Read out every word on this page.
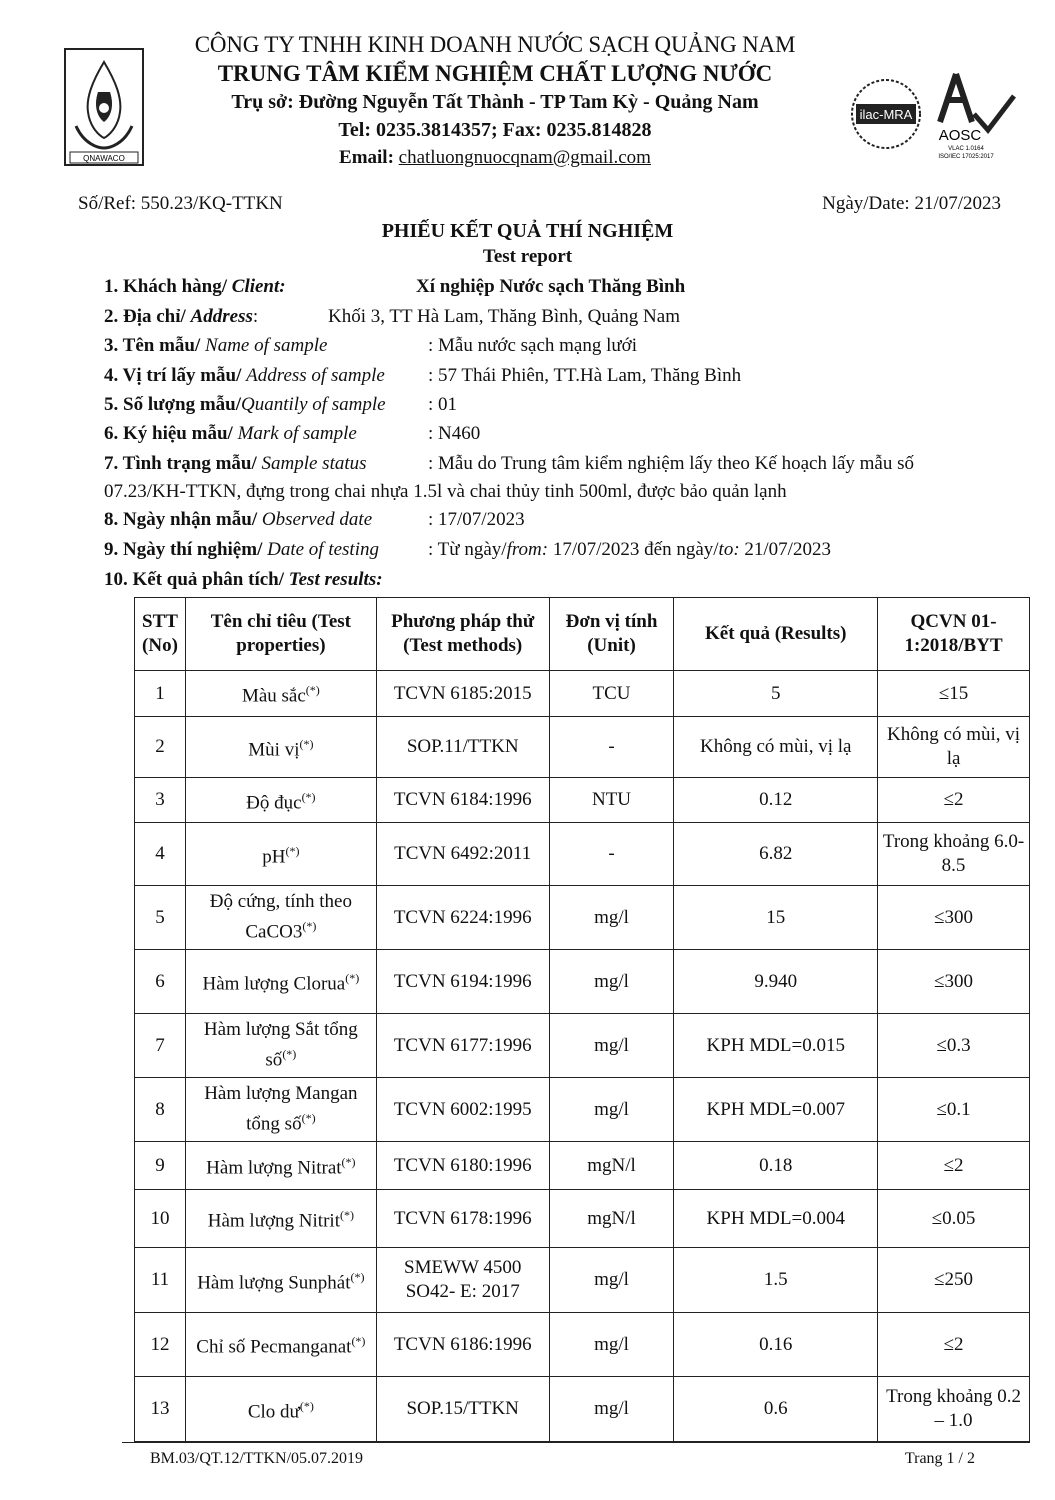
QNAWACO
CÔNG TY TNHH KINH DOANH NƯỚC SẠCH QUẢNG NAM
TRUNG TÂM KIỂM NGHIỆM CHẤT LƯỢNG NƯỚC
Trụ sở: Đường Nguyễn Tất Thành - TP Tam Kỳ - Quảng Nam
Tel: 0235.3814357; Fax: 0235.814828
Email: chatluongnuocqnam@gmail.com
ilac-MRA
AOSC
VLAC 1.0164
ISO/IEC 17025:2017
Số/Ref: 550.23/KQ-TTKN	Ngày/Date: 21/07/2023
PHIẾU KẾT QUẢ THÍ NGHIỆM
Test report
1. Khách hàng/ Client:	Xí nghiệp Nước sạch Thăng Bình
2. Địa chỉ/ Address:	Khối 3, TT Hà Lam, Thăng Bình, Quảng Nam
3. Tên mẫu/ Name of sample	: Mẫu nước sạch mạng lưới
4. Vị trí lấy mẫu/ Address of sample : 57 Thái Phiên, TT.Hà Lam, Thăng Bình
5. Số lượng mẫu/Quantily of sample : 01
6. Ký hiệu mẫu/ Mark of sample	: N460
7. Tình trạng mẫu/ Sample status	: Mẫu do Trung tâm kiểm nghiệm lấy theo Kế hoạch lấy mẫu số
07.23/KH-TTKN, đựng trong chai nhựa 1.5l và chai thủy tinh 500ml, được bảo quản lạnh
8. Ngày nhận mẫu/ Observed date	: 17/07/2023
9. Ngày thí nghiệm/ Date of testing	: Từ ngày/from: 17/07/2023 đến ngày/to: 21/07/2023
10. Kết quả phân tích/ Test results:
STT (No)	Tên chỉ tiêu (Test properties)	Phương pháp thử (Test methods)	Đơn vị tính (Unit)	Kết quả (Results)	QCVN 01-1:2018/BYT
1	Màu sắc(*)	TCVN 6185:2015	TCU	5	≤15
2	Mùi vị(*)	SOP.11/TTKN	-	Không có mùi, vị lạ	Không có mùi, vị lạ
3	Độ đục(*)	TCVN 6184:1996	NTU	0.12	≤2
4	pH(*)	TCVN 6492:2011	-	6.82	Trong khoảng 6.0-8.5
5	Độ cứng, tính theo CaCO3(*)	TCVN 6224:1996	mg/l	15	≤300
6	Hàm lượng Clorua(*)	TCVN 6194:1996	mg/l	9.940	≤300
7	Hàm lượng Sắt tổng số(*)	TCVN 6177:1996	mg/l	KPH MDL=0.015	≤0.3
8	Hàm lượng Mangan tổng số(*)	TCVN 6002:1995	mg/l	KPH MDL=0.007	≤0.1
9	Hàm lượng Nitrat(*)	TCVN 6180:1996	mgN/l	0.18	≤2
10	Hàm lượng Nitrit(*)	TCVN 6178:1996	mgN/l	KPH MDL=0.004	≤0.05
11	Hàm lượng Sunphát(*)	SMEWW 4500 SO42- E: 2017	mg/l	1.5	≤250
12	Chỉ số Pecmanganat(*)	TCVN 6186:1996	mg/l	0.16	≤2
13	Clo dư(*)	SOP.15/TTKN	mg/l	0.6	Trong khoảng 0.2 – 1.0
BM.03/QT.12/TTKN/05.07.2019	Trang 1 / 2
